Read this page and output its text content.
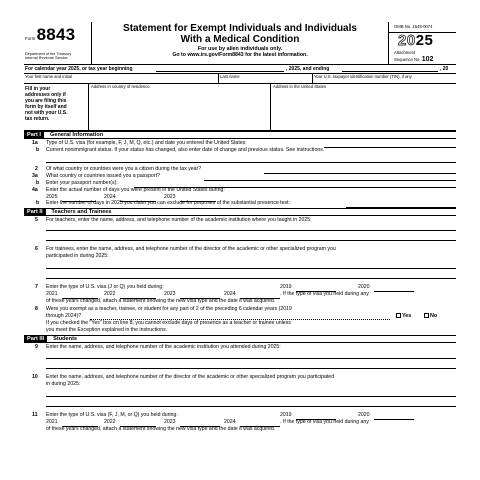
Form 8843
Department of the Treasury
Internal Revenue Service
Statement for Exempt Individuals and Individuals
With a Medical Condition
For use by alien individuals only.
Go to www.irs.gov/Form8843 for the latest information.
OMB No. 1545-0074
2025
Attachment
Sequence No. 102
For calendar year 2025, or tax year beginning	, 2025, and ending	, 20
Your first name and initial	Last name	Your U.S. taxpayer identification number (TIN), if any
Fill in your
addresses only if
you are filing this
form by itself and
not with your U.S.
tax return.
Address in country of residence	Address in the United States
Part I General Information
1a Type of U.S. visa (for example, F, J, M, Q, etc.) and date you entered the United States:
b Current nonimmigrant status. If your status has changed, also enter date of change and previous status. See instructions.
2 Of what country or countries were you a citizen during the tax year?
3a What country or countries issued you a passport?
b Enter your passport number(s):
4a Enter the actual number of days you were present in the United States during:
2025	2024	2023
b Enter the number of days in 2025 you claim you can exclude for purposes of the substantial presence test:
Part II Teachers and Trainees
5 For teachers, enter the name, address, and telephone number of the academic institution where you taught in 2025:
6 For trainees, enter the name, address, and telephone number of the director of the academic or other specialized program you
participated in during 2025:
7 Enter the type of U.S. visa (J or Q) you held during:	2019	2020
2021	2022	2023	2024	. If the type of visa you held during any
of these years changed, attach a statement showing the new visa type and the date it was acquired.
8 Were you exempt as a teacher, trainee, or student for any part of 2 of the preceding 6 calendar years (2019
through 2024)?	Yes	No
If you checked the "Yes" box on line 8, you cannot exclude days of presence as a teacher or trainee unless
you meet the Exception explained in the instructions.
Part III Students
9 Enter the name, address, and telephone number of the academic institution you attended during 2025:
10 Enter the name, address, and telephone number of the director of the academic or other specialized program you participated
in during 2025:
11 Enter the type of U.S. visa (F, J, M, or Q) you held during:	2019	2020
2021	2022	2023	2024	. If the type of visa you held during any
of these years changed, attach a statement showing the new visa type and the date it was acquired.
